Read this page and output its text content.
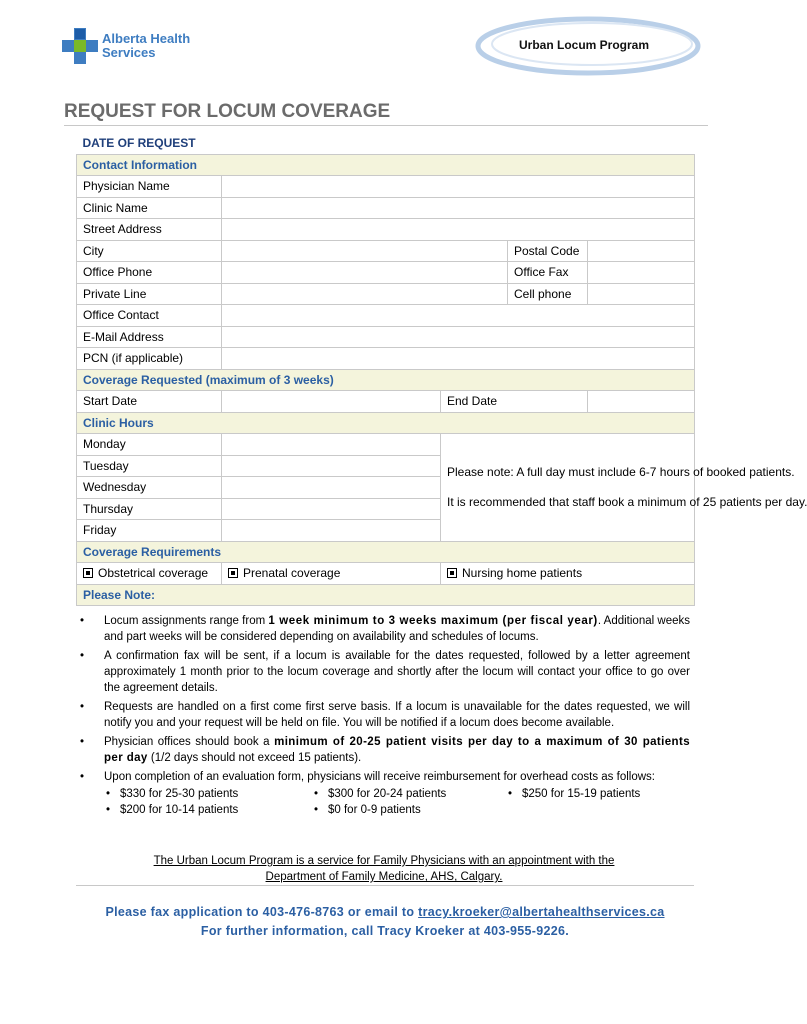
Alberta Health
Services	Urban Locum Program
REQUEST FOR LOCUM COVERAGE
DATE OF REQUEST				
Contact Information				
Physician Name				
Clinic Name				
Street Address				
City			Postal Code	
Office Phone			Office Fax	
Private Line			Cell phone	
Office Contact				
E-Mail Address				
PCN (if applicable)				
Coverage Requested (maximum of 3 weeks)				
Start Date		End Date		
Clinic Hours				
Monday		Please note: A full day must include 6-7 hours of booked patients.
It is recommended that staff book a minimum of 25 patients per day.		

Tuesday				
Wednesday				
Thursday				
Friday				
Coverage Requirements				
Obstetrical coverage	Prenatal coverage	Nursing home patients		
Please Note:				
• Locum assignments range from 1 week minimum to 3 weeks maximum (per fiscal year). Additional weeks and part weeks will be considered depending on availability and schedules of locums.
• A confirmation fax will be sent, if a locum is available for the dates requested, followed by a letter agreement approximately 1 month prior to the locum coverage and shortly after the locum will contact your office to go over the agreement details.
• Requests are handled on a first come first serve basis. If a locum is unavailable for the dates requested, we will notify you and your request will be held on file. You will be notified if a locum does become available.
• Physician offices should book a minimum of 20-25 patient visits per day to a maximum of 30 patients per day (1/2 days should not exceed 15 patients).
• Upon completion of an evaluation form, physicians will receive reimbursement for overhead costs as follows:
• $330 for 25-30 patients	• $300 for 20-24 patients	• $250 for 15-19 patients
• $200 for 10-14 patients	• $0 for 0-9 patients
The Urban Locum Program is a service for Family Physicians with an appointment with the
Department of Family Medicine, AHS, Calgary.
Please fax application to 403-476-8763 or email to tracy.kroeker@albertahealthservices.ca
For further information, call Tracy Kroeker at 403-955-9226.
